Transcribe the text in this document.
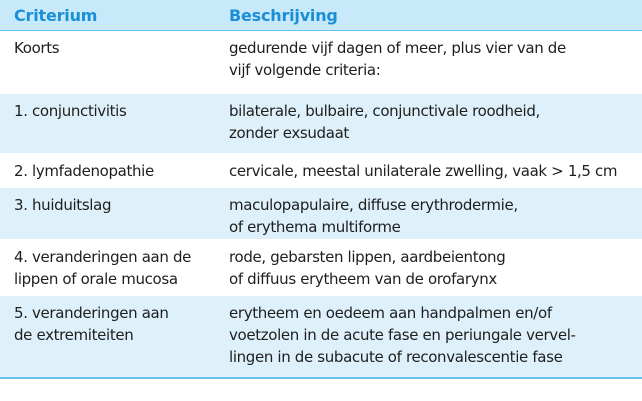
Criterium	Beschrijving

Koorts	gedurende vijf dagen of meer, plus vier van de
vijf volgende criteria:

1. conjunctivitis	bilaterale, bulbaire, conjunctivale roodheid,
zonder exsudaat

2. lymfadenopathie	cervicale, meestal unilaterale zwelling, vaak > 1,5 cm

3. huiduitslag	maculopapulaire, diffuse erythrodermie,
of erythema multiforme

4. veranderingen aan de
lippen of orale mucosa	rode, gebarsten lippen, aardbeientong
of diffuus erytheem van de orofarynx

5. veranderingen aan
de extremiteiten	erytheem en oedeem aan handpalmen en/of
voetzolen in de acute fase en periungale vervel-
lingen in de subacute of reconvalescentie fase
